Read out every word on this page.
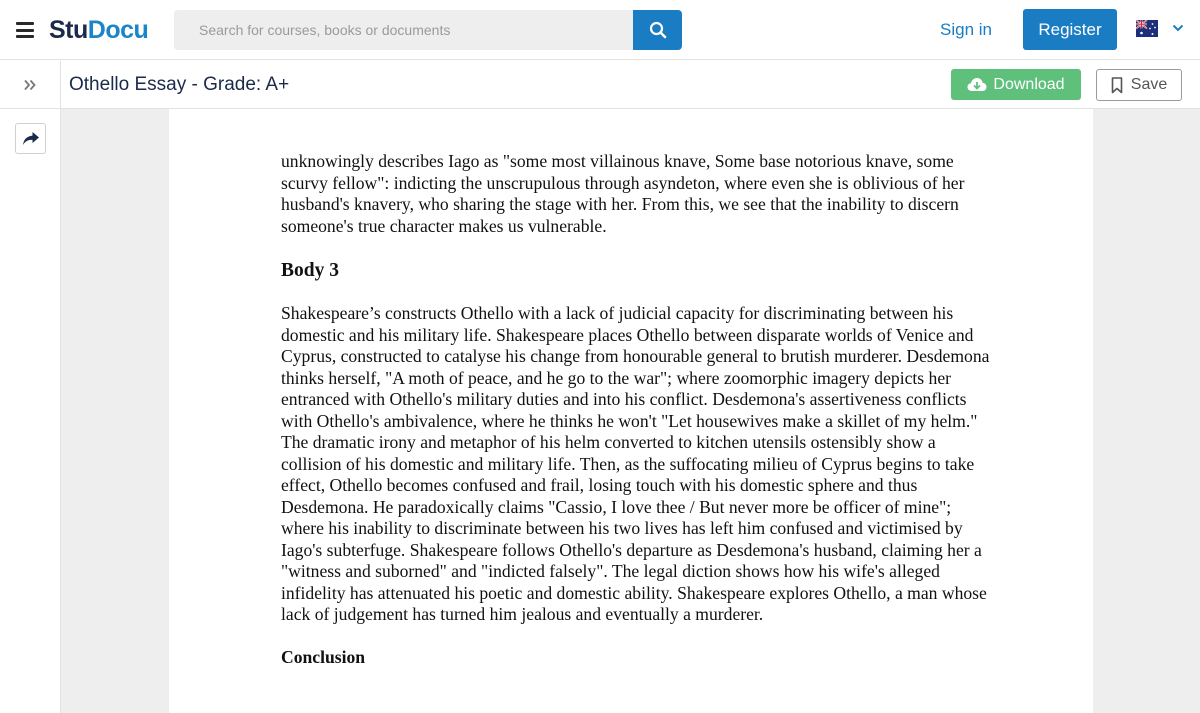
StuDocu
Search for courses, books or documents	Sign in	Register
Othello Essay - Grade: A+	Download	Save

unknowingly describes Iago as "some most villainous knave, Some base notorious knave, some scurvy fellow": indicting the unscrupulous through asyndeton, where even she is oblivious of her husband's knavery, who sharing the stage with her. From this, we see that the inability to discern someone's true character makes us vulnerable.

Body 3

Shakespeare’s constructs Othello with a lack of judicial capacity for discriminating between his domestic and his military life. Shakespeare places Othello between disparate worlds of Venice and Cyprus, constructed to catalyse his change from honourable general to brutish murderer. Desdemona thinks herself, "A moth of peace, and he go to the war"; where zoomorphic imagery depicts her entranced with Othello's military duties and into his conflict. Desdemona's assertiveness conflicts with Othello's ambivalence, where he thinks he won't "Let housewives make a skillet of my helm." The dramatic irony and metaphor of his helm converted to kitchen utensils ostensibly show a collision of his domestic and military life. Then, as the suffocating milieu of Cyprus begins to take effect, Othello becomes confused and frail, losing touch with his domestic sphere and thus Desdemona. He paradoxically claims "Cassio, I love thee / But never more be officer of mine"; where his inability to discriminate between his two lives has left him confused and victimised by Iago's subterfuge. Shakespeare follows Othello's departure as Desdemona's husband, claiming her a "witness and suborned" and "indicted falsely". The legal diction shows how his wife's alleged infidelity has attenuated his poetic and domestic ability. Shakespeare explores Othello, a man whose lack of judgement has turned him jealous and eventually a murderer.

Conclusion
